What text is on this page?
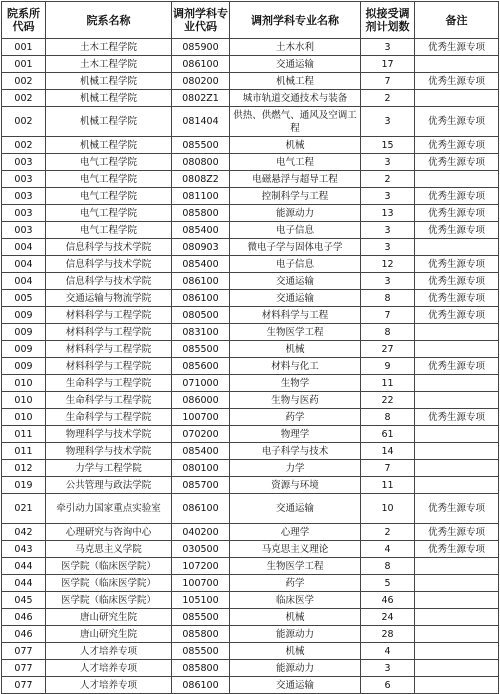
院系所代码	院系名称	调剂学科专业代码	调剂学科专业名称	拟接受调剂计划数	备注
001	土木工程学院	085900	土木水利	3	优秀生源专项
001	土木工程学院	086100	交通运输	17	
002	机械工程学院	080200	机械工程	7	优秀生源专项
002	机械工程学院	0802Z1	城市轨道交通技术与装备	2	
002	机械工程学院	081404	供热、供燃气、通风及空调工程	3	优秀生源专项
002	机械工程学院	085500	机械	15	优秀生源专项
003	电气工程学院	080800	电气工程	3	优秀生源专项
003	电气工程学院	0808Z2	电磁悬浮与超导工程	2	
003	电气工程学院	081100	控制科学与工程	3	优秀生源专项
003	电气工程学院	085800	能源动力	13	优秀生源专项
003	电气工程学院	085400	电子信息	3	优秀生源专项
004	信息科学与技术学院	080903	微电子学与固体电子学	3	
004	信息科学与技术学院	085400	电子信息	12	优秀生源专项
004	信息科学与技术学院	086100	交通运输	3	优秀生源专项
005	交通运输与物流学院	086100	交通运输	8	优秀生源专项
009	材料科学与工程学院	080500	材料科学与工程	7	优秀生源专项
009	材料科学与工程学院	083100	生物医学工程	8	
009	材料科学与工程学院	085500	机械	27	
009	材料科学与工程学院	085600	材料与化工	9	优秀生源专项
010	生命科学与工程学院	071000	生物学	11	
010	生命科学与工程学院	086000	生物与医药	22	
010	生命科学与工程学院	100700	药学	8	优秀生源专项
011	物理科学与技术学院	070200	物理学	61	
011	物理科学与技术学院	085400	电子科学与技术	14	
012	力学与工程学院	080100	力学	7	
019	公共管理与政法学院	085700	资源与环境	11	
021	牵引动力国家重点实验室	086100	交通运输	10	优秀生源专项
042	心理研究与咨询中心	040200	心理学	2	优秀生源专项
043	马克思主义学院	030500	马克思主义理论	4	优秀生源专项
044	医学院（临床医学院）	107200	生物医学工程	8	
044	医学院（临床医学院）	100700	药学	5	
045	医学院（临床医学院）	105100	临床医学	46	
046	唐山研究生院	085500	机械	24	
046	唐山研究生院	085800	能源动力	28	
077	人才培养专项	085500	机械	4	
077	人才培养专项	085800	能源动力	3	
077	人才培养专项	086100	交通运输	6	
